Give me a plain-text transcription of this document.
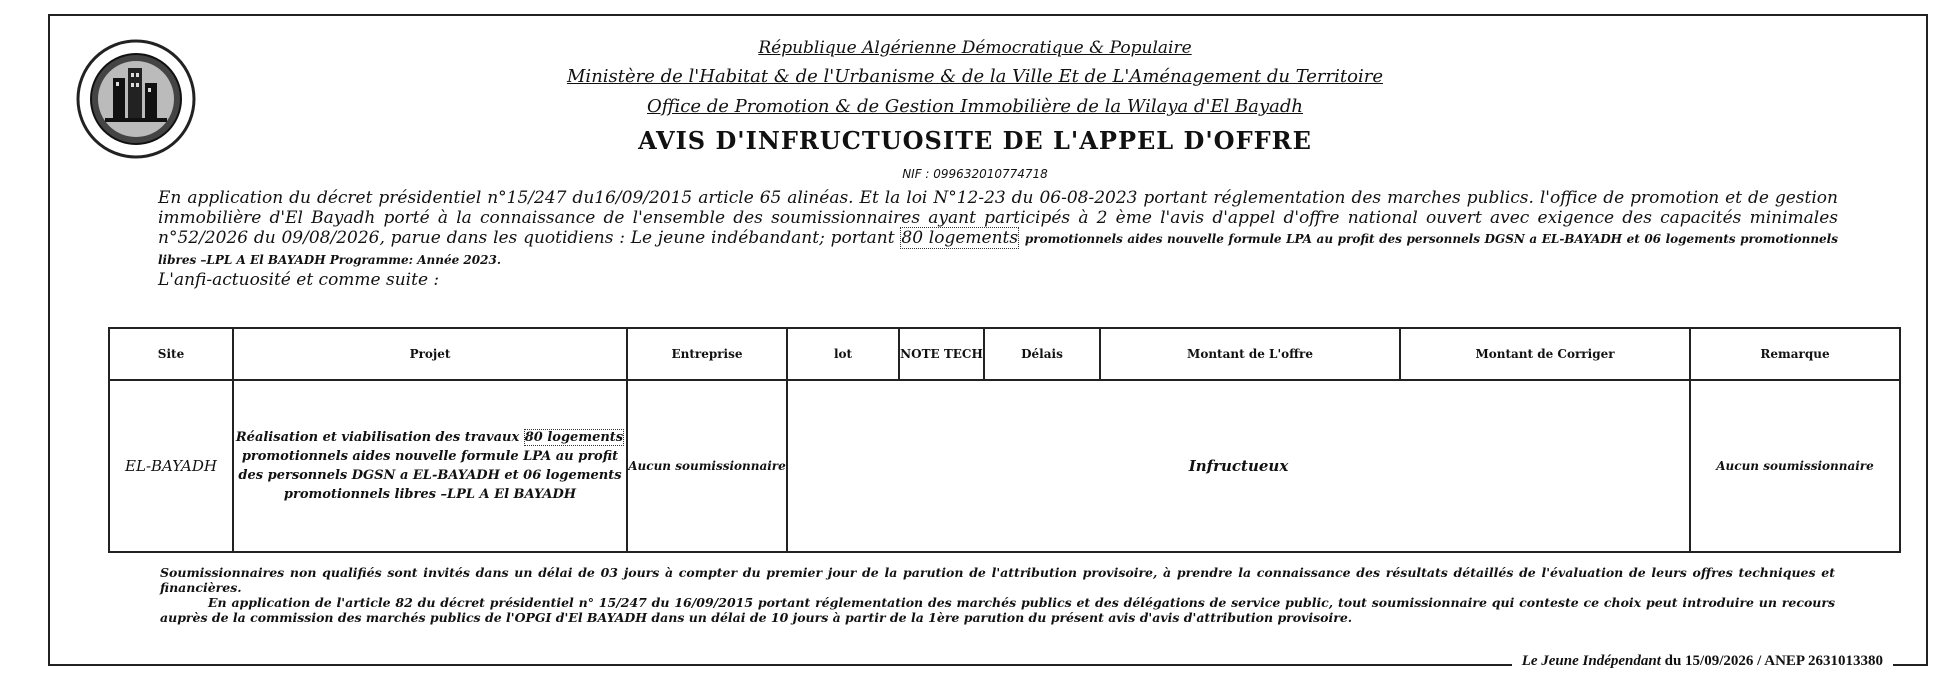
République Algérienne Démocratique & Populaire
Ministère de l'Habitat & de l'Urbanisme & de la Ville Et de L'Aménagement du Territoire
Office de Promotion & de Gestion Immobilière de la Wilaya d'El Bayadh
AVIS D'INFRUCTUOSITE DE L'APPEL D'OFFRE
NIF : 099632010774718
En application du décret présidentiel n°15/247 du16/09/2015 article 65 alinéas. Et la loi N°12-23 du 06-08-2023 portant réglementation des marches publics. l'office de promotion et de gestion immobilière d'El Bayadh porté à la connaissance de l'ensemble des soumissionnaires ayant participés à 2 ème l'avis d'appel d'offre national ouvert avec exigence des capacités minimales n°52/2026 du 09/08/2026, parue dans les quotidiens : Le jeune indébandant; portant 80 logements promotionnels aides nouvelle formule LPA au profit des personnels DGSN a EL-BAYADH et 06 logements promotionnels libres –LPL A El BAYADH Programme: Année 2023.
L'anfi-actuosité et comme suite :
Site	Projet	Entreprise	lot	NOTE TECH	Délais	Montant de L'offre	Montant de Corriger	Remarque
EL-BAYADH	Réalisation et viabilisation des travaux 80 logements promotionnels aides nouvelle formule LPA au profit des personnels DGSN a EL-BAYADH et 06 logements promotionnels libres –LPL A El BAYADH	Aucun soumissionnaire	Infructueux					Aucun soumissionnaire

Soumissionnaires non qualifiés sont invités dans un délai de 03 jours à compter du premier jour de la parution de l'attribution provisoire, à prendre la connaissance des résultats détaillés de l'évaluation de leurs offres techniques et financières.

En application de l'article 82 du décret présidentiel n° 15/247 du 16/09/2015 portant réglementation des marchés publics et des délégations de service public, tout soumissionnaire qui conteste ce choix peut introduire un recours auprès de la commission des marchés publics de l'OPGI d'El BAYADH dans un délai de 10 jours à partir de la 1ère parution du présent avis d'avis d'attribution provisoire.

Le Jeune Indépendant du 15/09/2026 / ANEP 2631013380
